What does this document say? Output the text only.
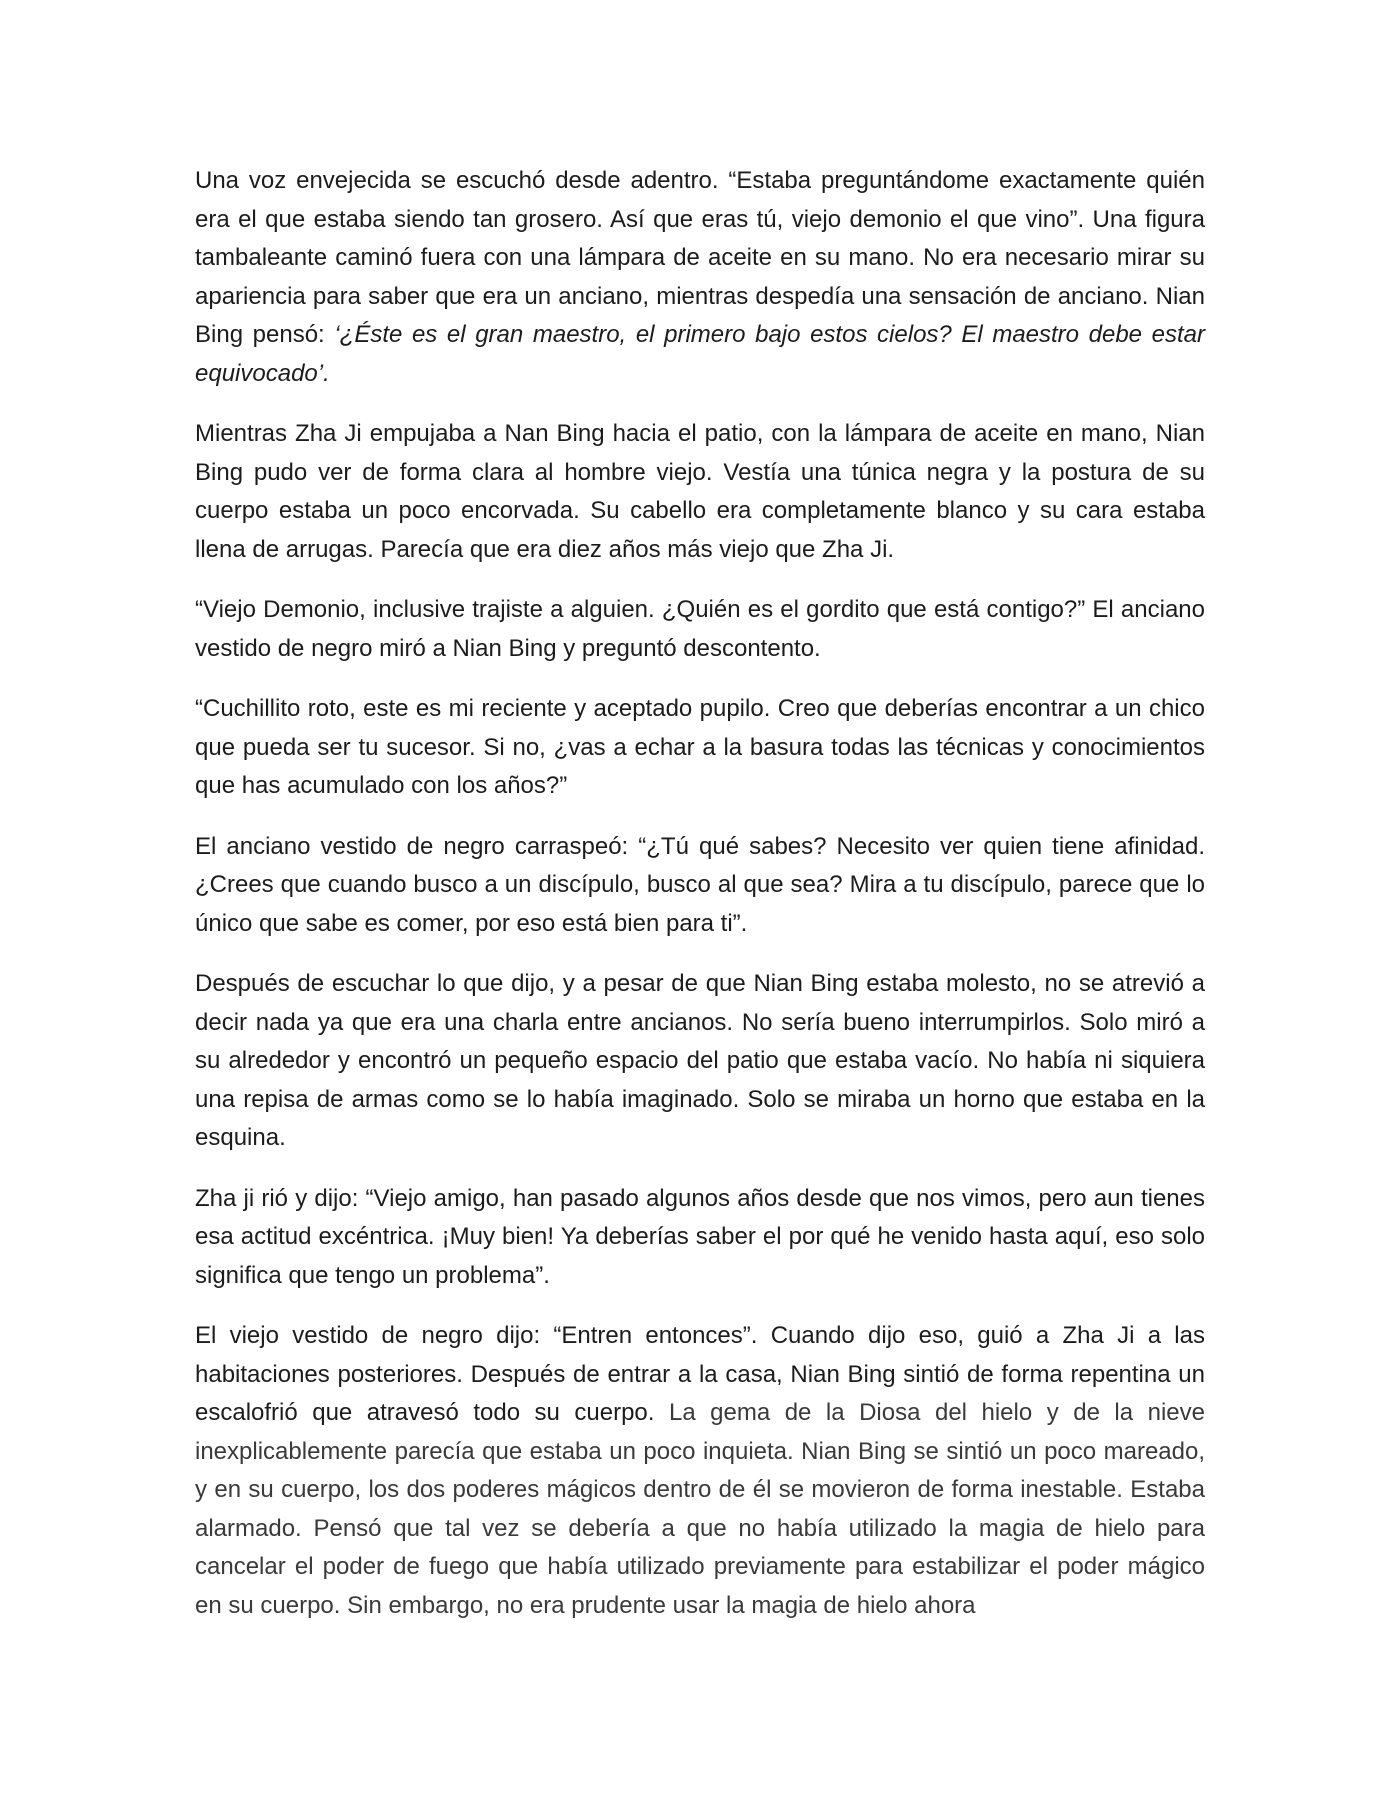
Una voz envejecida se escuchó desde adentro. “Estaba preguntándome exactamente quién era el que estaba siendo tan grosero. Así que eras tú, viejo demonio el que vino”. Una figura tambaleante caminó fuera con una lámpara de aceite en su mano. No era necesario mirar su apariencia para saber que era un anciano, mientras despedía una sensación de anciano. Nian Bing pensó: ‘¿Éste es el gran maestro, el primero bajo estos cielos? El maestro debe estar equivocado’.

Mientras Zha Ji empujaba a Nan Bing hacia el patio, con la lámpara de aceite en mano, Nian Bing pudo ver de forma clara al hombre viejo. Vestía una túnica negra y la postura de su cuerpo estaba un poco encorvada. Su cabello era completamente blanco y su cara estaba llena de arrugas. Parecía que era diez años más viejo que Zha Ji.

“Viejo Demonio, inclusive trajiste a alguien. ¿Quién es el gordito que está contigo?” El anciano vestido de negro miró a Nian Bing y preguntó descontento.

“Cuchillito roto, este es mi reciente y aceptado pupilo. Creo que deberías encontrar a un chico que pueda ser tu sucesor. Si no, ¿vas a echar a la basura todas las técnicas y conocimientos que has acumulado con los años?”

El anciano vestido de negro carraspeó: “¿Tú qué sabes? Necesito ver quien tiene afinidad. ¿Crees que cuando busco a un discípulo, busco al que sea? Mira a tu discípulo, parece que lo único que sabe es comer, por eso está bien para ti”.

Después de escuchar lo que dijo, y a pesar de que Nian Bing estaba molesto, no se atrevió a decir nada ya que era una charla entre ancianos. No sería bueno interrumpirlos. Solo miró a su alrededor y encontró un pequeño espacio del patio que estaba vacío. No había ni siquiera una repisa de armas como se lo había imaginado. Solo se miraba un horno que estaba en la esquina.

Zha ji rió y dijo: “Viejo amigo, han pasado algunos años desde que nos vimos, pero aun tienes esa actitud excéntrica. ¡Muy bien! Ya deberías saber el por qué he venido hasta aquí, eso solo significa que tengo un problema”.

El viejo vestido de negro dijo: “Entren entonces”. Cuando dijo eso, guió a Zha Ji a las habitaciones posteriores. Después de entrar a la casa, Nian Bing sintió de forma repentina un escalofrió que atravesó todo su cuerpo. La gema de la Diosa del hielo y de la nieve inexplicablemente parecía que estaba un poco inquieta. Nian Bing se sintió un poco mareado, y en su cuerpo, los dos poderes mágicos dentro de él se movieron de forma inestable. Estaba alarmado. Pensó que tal vez se debería a que no había utilizado la magia de hielo para cancelar el poder de fuego que había utilizado previamente para estabilizar el poder mágico en su cuerpo. Sin embargo, no era prudente usar la magia de hielo ahora
